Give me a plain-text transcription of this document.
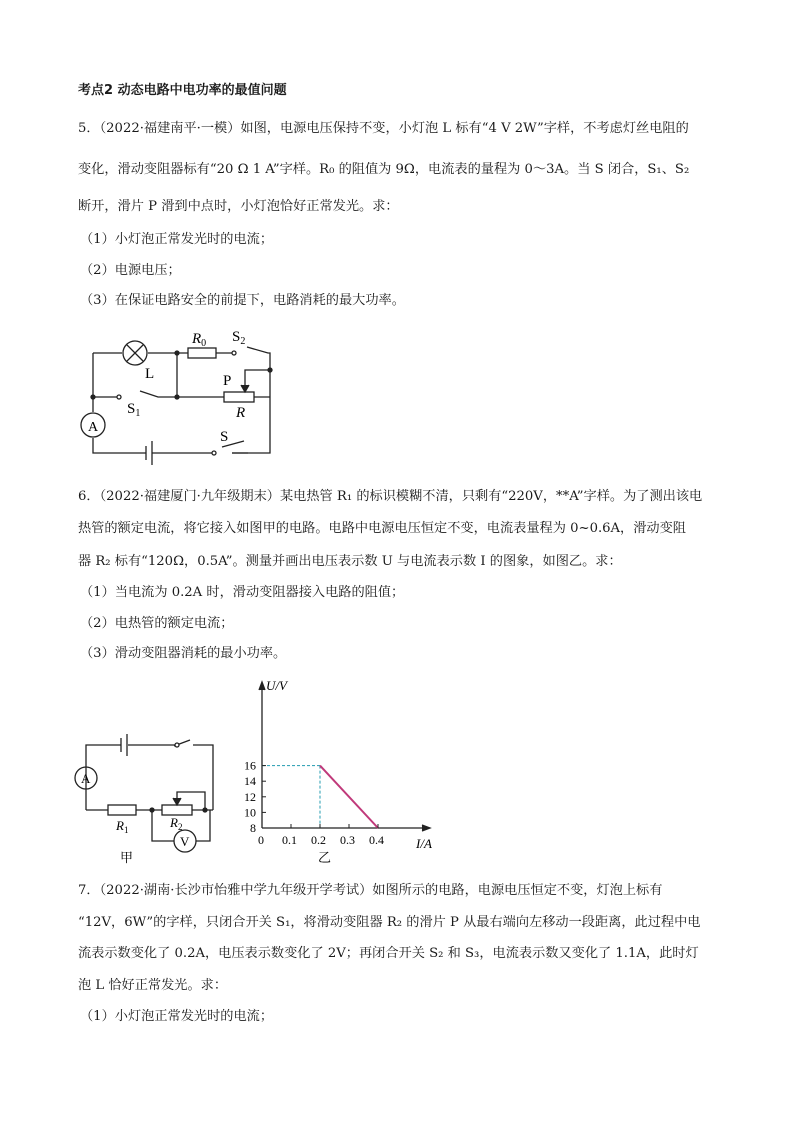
考点2 动态电路中电功率的最值问题
5．（2022·福建南平·一模）如图，电源电压保持不变，小灯泡 L 标有“4 V 2W”字样，不考虑灯丝电阻的
变化，滑动变阻器标有“20 Ω 1 A”字样。R₀ 的阻值为 9Ω，电流表的量程为 0～3A。当 S 闭合，S₁、S₂
断开，滑片 P 滑到中点时，小灯泡恰好正常发光。求：
（1）小灯泡正常发光时的电流；
（2）电源电压；
（3）在保证电路安全的前提下，电路消耗的最大功率。
$R_0$ $S_2$
L	P
R
$S_1$
A
S
6．（2022·福建厦门·九年级期末）某电热管 R₁ 的标识模糊不清，只剩有“220V，**A”字样。为了测出该电
热管的额定电流，将它接入如图甲的电路。电路中电源电压恒定不变，电流表量程为 0~0.6A，滑动变阻
器 R₂ 标有“120Ω，0.5A”。测量并画出电压表示数 U 与电流表示数 I 的图象，如图乙。求：
（1）当电流为 0.2A 时，滑动变阻器接入电路的阻值；
（2）电热管的额定电流；
（3）滑动变阻器消耗的最小功率。
A
$R_1$	$R_2$
V
甲
0 0.1 0.2 0.3 0.4
8
10
12
14
16
U/V
I/A
乙
7．（2022·湖南·长沙市怡雅中学九年级开学考试）如图所示的电路，电源电压恒定不变，灯泡上标有
“12V，6W”的字样，只闭合开关 S₁，将滑动变阻器 R₂ 的滑片 P 从最右端向左移动一段距离，此过程中电
流表示数变化了 0.2A，电压表示数变化了 2V；再闭合开关 S₂ 和 S₃，电流表示数又变化了 1.1A，此时灯
泡 L 恰好正常发光。求：
（1）小灯泡正常发光时的电流；
